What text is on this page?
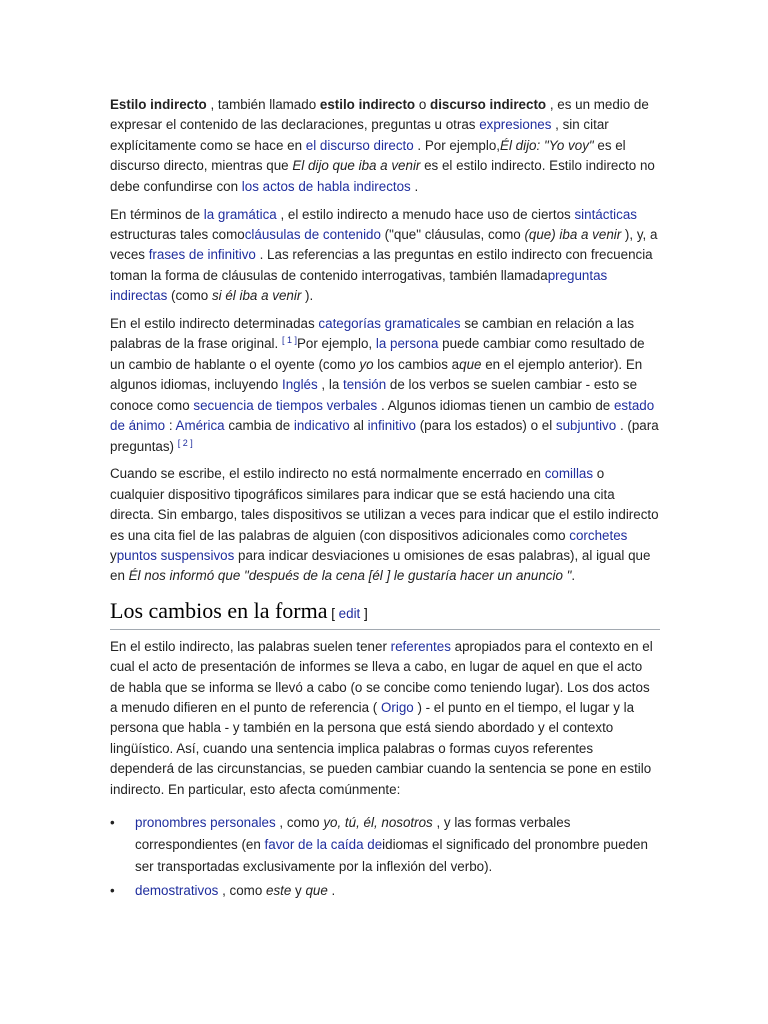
Estilo indirecto , también llamado estilo indirecto o discurso indirecto , es un medio de expresar el contenido de las declaraciones, preguntas u otras expresiones , sin citar explícitamente como se hace en el discurso directo . Por ejemplo,Él dijo: "Yo voy" es el discurso directo, mientras que El dijo que iba a venir es el estilo indirecto. Estilo indirecto no debe confundirse con los actos de habla indirectos .

En términos de la gramática , el estilo indirecto a menudo hace uso de ciertos sintácticas estructuras tales comocláusulas de contenido ("que" cláusulas, como (que) iba a venir ), y, a veces frases de infinitivo . Las referencias a las preguntas en estilo indirecto con frecuencia toman la forma de cláusulas de contenido interrogativas, también llamadapreguntas indirectas (como si él iba a venir ).

En el estilo indirecto determinadas categorías gramaticales se cambian en relación a las palabras de la frase original. [ 1 ]Por ejemplo, la persona puede cambiar como resultado de un cambio de hablante o el oyente (como yo los cambios aque en el ejemplo anterior). En algunos idiomas, incluyendo Inglés , la tensión de los verbos se suelen cambiar - esto se conoce como secuencia de tiempos verbales . Algunos idiomas tienen un cambio de estado de ánimo : América cambia de indicativo al infinitivo (para los estados) o el subjuntivo . (para preguntas) [ 2 ]

Cuando se escribe, el estilo indirecto no está normalmente encerrado en comillas o cualquier dispositivo tipográficos similares para indicar que se está haciendo una cita directa. Sin embargo, tales dispositivos se utilizan a veces para indicar que el estilo indirecto es una cita fiel de las palabras de alguien (con dispositivos adicionales como corchetes ypuntos suspensivos para indicar desviaciones u omisiones de esas palabras), al igual que en Él nos informó que "después de la cena [él ] le gustaría hacer un anuncio ".

Los cambios en la forma [ edit ]

En el estilo indirecto, las palabras suelen tener referentes apropiados para el contexto en el cual el acto de presentación de informes se lleva a cabo, en lugar de aquel en que el acto de habla que se informa se llevó a cabo (o se concibe como teniendo lugar). Los dos actos a menudo difieren en el punto de referencia ( Origo ) - el punto en el tiempo, el lugar y la persona que habla - y también en la persona que está siendo abordado y el contexto lingüístico. Así, cuando una sentencia implica palabras o formas cuyos referentes dependerá de las circunstancias, se pueden cambiar cuando la sentencia se pone en estilo indirecto. En particular, esto afecta comúnmente:

• pronombres personales , como yo, tú, él, nosotros , y las formas verbales correspondientes (en favor de la caída deidiomas el significado del pronombre pueden ser transportadas exclusivamente por la inflexión del verbo).
• demostrativos , como este y que .
